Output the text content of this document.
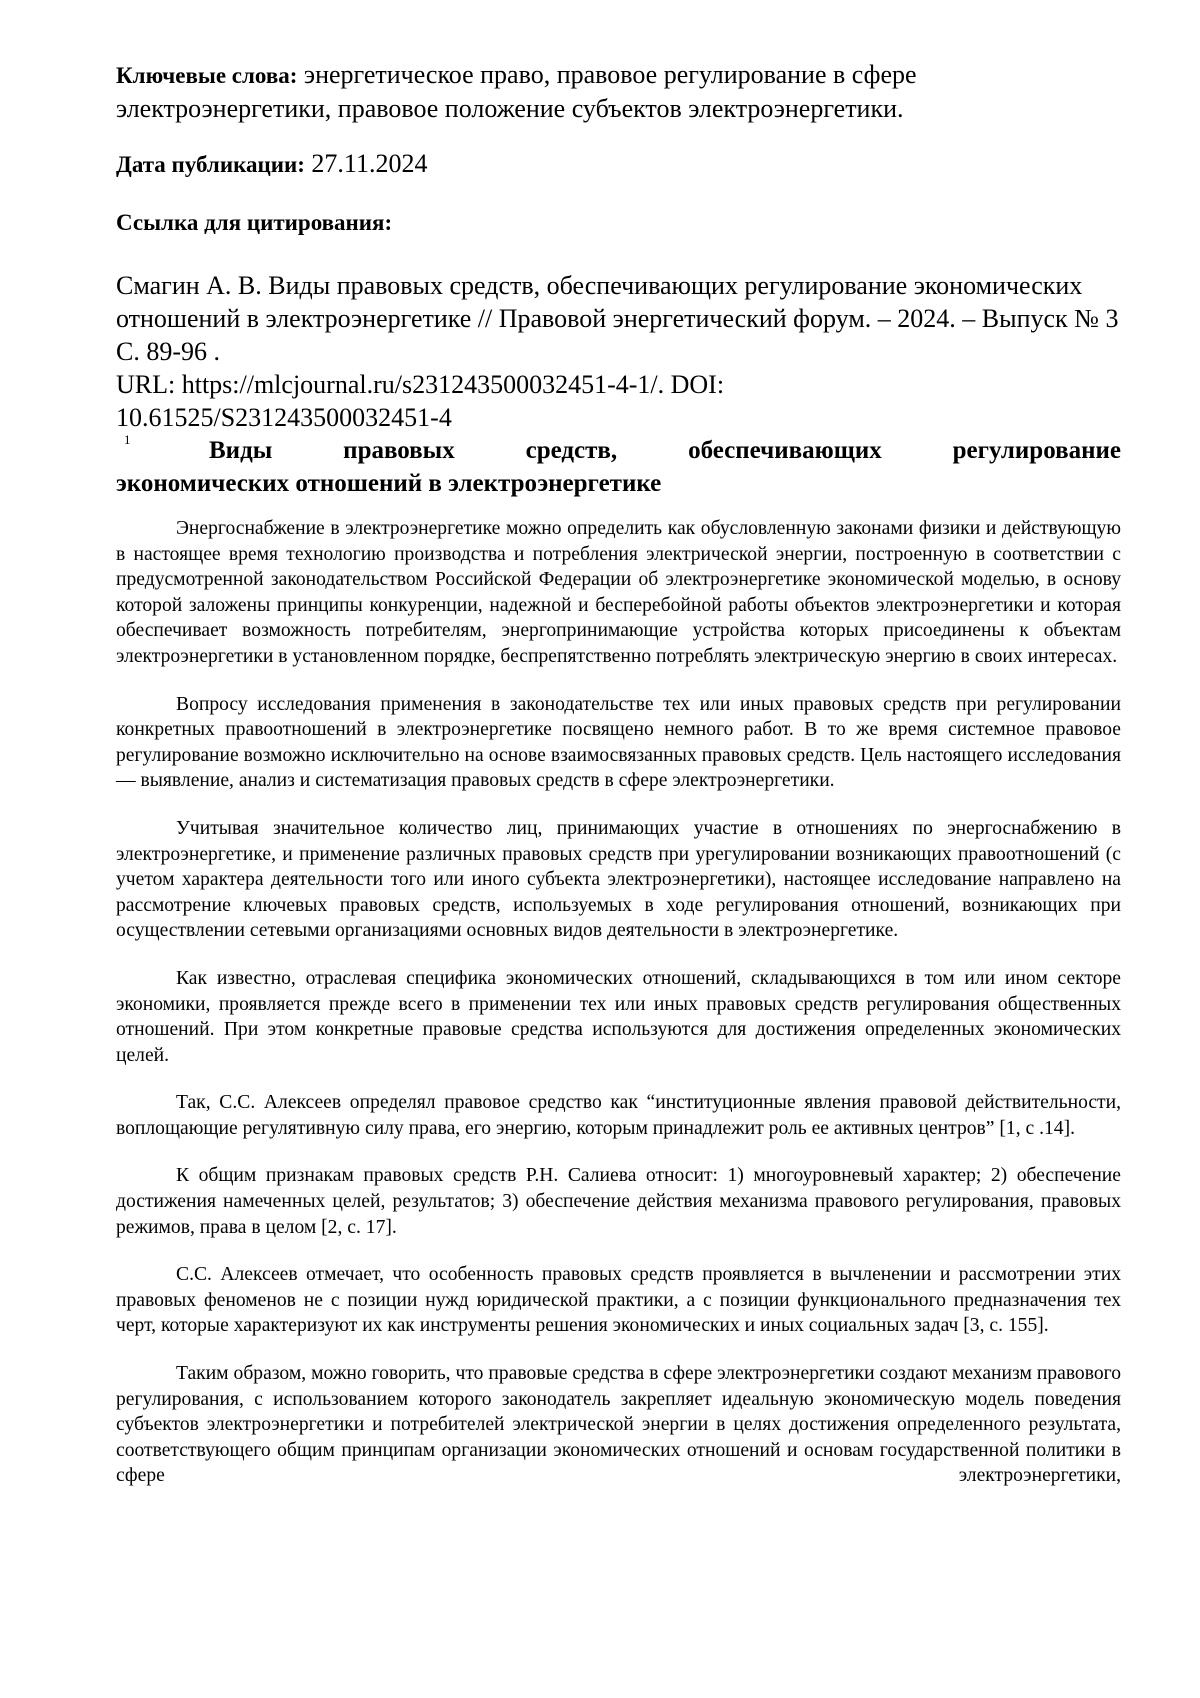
Ключевые слова: энергетическое право, правовое регулирование в сфере электроэнергетики, правовое положение субъектов электроэнергетики.

Дата публикации: 27.11.2024

Ссылка для цитирования:

Смагин А. В. Виды правовых средств, обеспечивающих регулирование экономических отношений в электроэнергетике // Правовой энергетический форум. – 2024. – Выпуск № 3 С. 89-96 .
URL: https://mlcjournal.ru/s231243500032451-4-1/. DOI:
10.61525/S231243500032451-4

1	Виды правовых средств, обеспечивающих регулирование
экономических отношений в электроэнергетике

Энергоснабжение в электроэнергетике можно определить как обусловленную законами физики и действующую в настоящее время технологию производства и потребления электрической энергии, построенную в соответствии с предусмотренной законодательством Российской Федерации об электроэнергетике экономической моделью, в основу которой заложены принципы конкуренции, надежной и бесперебойной работы объектов электроэнергетики и которая обеспечивает возможность потребителям, энергопринимающие устройства которых присоединены к объектам электроэнергетики в установленном порядке, беспрепятственно потреблять электрическую энергию в своих интересах.

Вопросу исследования применения в законодательстве тех или иных правовых средств при регулировании конкретных правоотношений в электроэнергетике посвящено немного работ. В то же время системное правовое регулирование возможно исключительно на основе взаимосвязанных правовых средств. Цель настоящего исследования — выявление, анализ и систематизация правовых средств в сфере электроэнергетики.

Учитывая значительное количество лиц, принимающих участие в отношениях по энергоснабжению в электроэнергетике, и применение различных правовых средств при урегулировании возникающих правоотношений (с учетом характера деятельности того или иного субъекта электроэнергетики), настоящее исследование направлено на рассмотрение ключевых правовых средств, используемых в ходе регулирования отношений, возникающих при осуществлении сетевыми организациями основных видов деятельности в электроэнергетике.

Как известно, отраслевая специфика экономических отношений, складывающихся в том или ином секторе экономики, проявляется прежде всего в применении тех или иных правовых средств регулирования общественных отношений. При этом конкретные правовые средства используются для достижения определенных экономических целей.

Так, С.С. Алексеев определял правовое средство как “институционные явления правовой действительности, воплощающие регулятивную силу права, его энергию, которым принадлежит роль ее активных центров” [1, с .14].

К общим признакам правовых средств Р.Н. Салиева относит: 1) многоуровневый характер; 2) обеспечение достижения намеченных целей, результатов; 3) обеспечение действия механизма правового регулирования, правовых режимов, права в целом [2, с. 17].

С.С. Алексеев отмечает, что особенность правовых средств проявляется в вычленении и рассмотрении этих правовых феноменов не с позиции нужд юридической практики, а с позиции функционального предназначения тех черт, которые характеризуют их как инструменты решения экономических и иных социальных задач [3, с. 155].

Таким образом, можно говорить, что правовые средства в сфере электроэнергетики создают механизм правового регулирования, с использованием которого законодатель закрепляет идеальную экономическую модель поведения субъектов электроэнергетики и потребителей электрической энергии в целях достижения определенного результата, соответствующего общим принципам организации экономических отношений и основам государственной политики в сфере электроэнергетики,
